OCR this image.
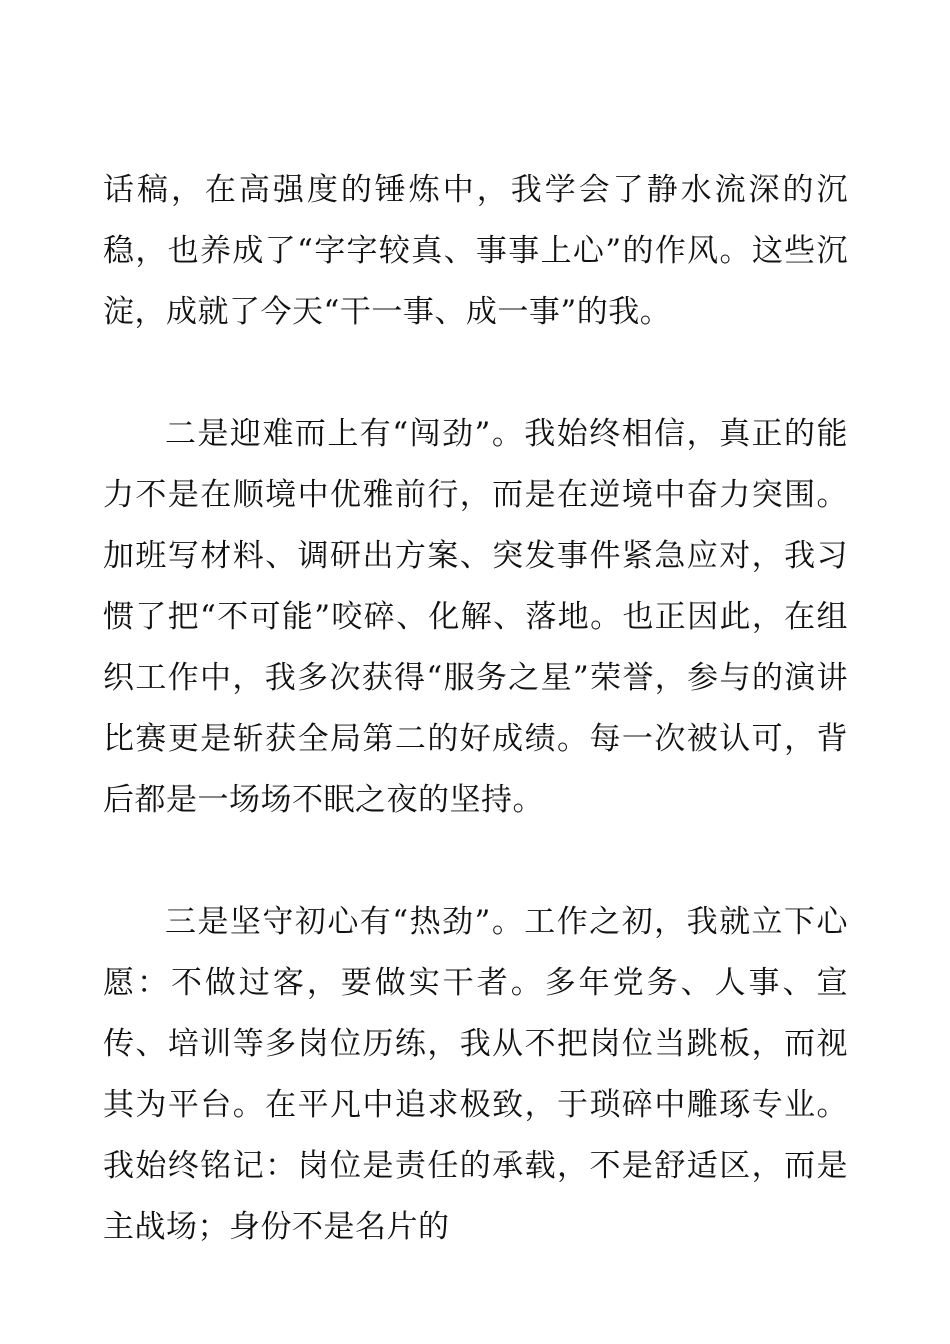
话稿，在高强度的锤炼中，我学会了静水流深的沉稳，也养成了“字字较真、事事上心”的作风。这些沉淀，成就了今天“干一事、成一事”的我。

二是迎难而上有“闯劲”。我始终相信，真正的能力不是在顺境中优雅前行，而是在逆境中奋力突围。加班写材料、调研出方案、突发事件紧急应对，我习惯了把“不可能”咬碎、化解、落地。也正因此，在组织工作中，我多次获得“服务之星”荣誉，参与的演讲比赛更是斩获全局第二的好成绩。每一次被认可，背后都是一场场不眠之夜的坚持。

三是坚守初心有“热劲”。工作之初，我就立下心愿：不做过客，要做实干者。多年党务、人事、宣传、培训等多岗位历练，我从不把岗位当跳板，而视其为平台。在平凡中追求极致，于琐碎中雕琢专业。我始终铭记：岗位是责任的承载，不是舒适区，而是主战场；身份不是名片的
